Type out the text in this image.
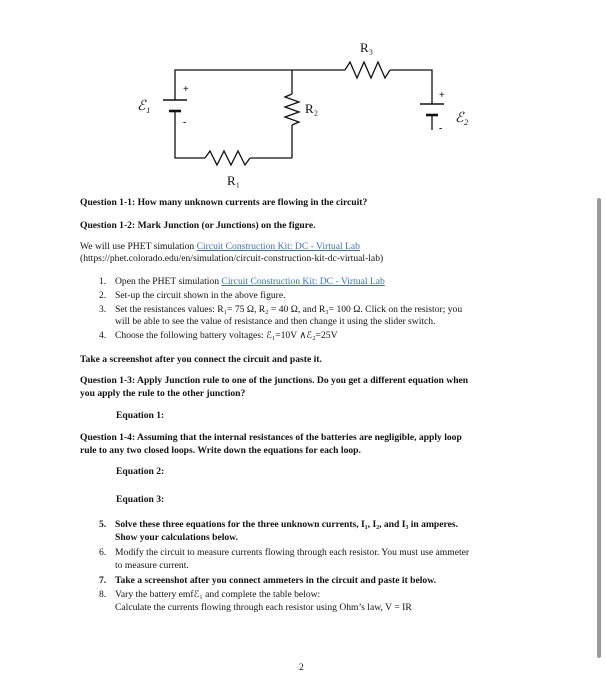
R₃
R₂
R₁
ℰ₁
ℰ₂
+
-
+
-
Question 1-1: How many unknown currents are flowing in the circuit?
Question 1-2: Mark Junction (or Junctions) on the figure.
We will use PHET simulation Circuit Construction Kit: DC - Virtual Lab
(https://phet.colorado.edu/en/simulation/circuit-construction-kit-dc-virtual-lab)
1. Open the PHET simulation Circuit Construction Kit: DC - Virtual Lab
2. Set-up the circuit shown in the above figure.
3. Set the resistances values: R₁= 75 Ω, R₂ = 40 Ω, and R₃= 100 Ω. Click on the resistor; you
will be able to see the value of resistance and then change it using the slider switch.
4. Choose the following battery voltages: ℰ₁=10V ∧ℰ₂=25V
Take a screenshot after you connect the circuit and paste it.
Question 1-3: Apply Junction rule to one of the junctions. Do you get a different equation when
you apply the rule to the other junction?
Equation 1:
Question 1-4: Assuming that the internal resistances of the batteries are negligible, apply loop
rule to any two closed loops. Write down the equations for each loop.
Equation 2:
Equation 3:
5. Solve these three equations for the three unknown currents, I₁, I₂, and I₃ in amperes.
Show your calculations below.
6. Modify the circuit to measure currents flowing through each resistor. You must use ammeter
to measure current.
7. Take a screenshot after you connect ammeters in the circuit and paste it below.
8. Vary the battery emfℰ₁ and complete the table below:
Calculate the currents flowing through each resistor using Ohm’s law, V = IR
2
